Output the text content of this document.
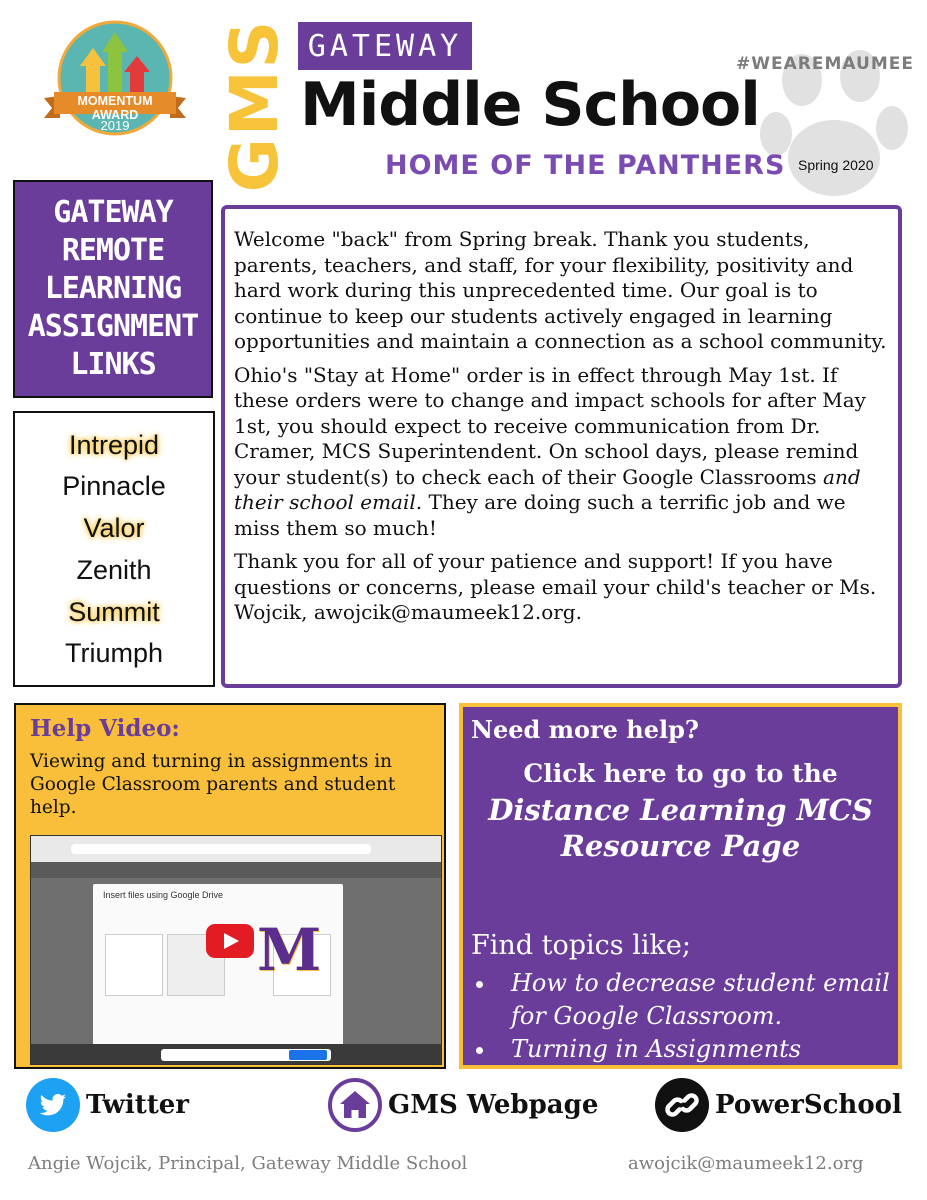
MOMENTUM AWARD
2019	GMS GATEWAY
#WEAREMAUMEE
Middle School
HOME OF THE PANTHERS Spring 2020
GATEWAY
REMOTE
LEARNING
ASSIGNMENT
LINKS
Intrepid
Pinnacle
Valor
Zenith
Summit
Triumph

Welcome "back" from Spring break. Thank you students, parents, teachers, and staff, for your flexibility, positivity and hard work during this unprecedented time. Our goal is to continue to keep our students actively engaged in learning opportunities and maintain a connection as a school community.

Ohio's "Stay at Home" order is in effect through May 1st. If these orders were to change and impact schools for after May 1st, you should expect to receive communication from Dr. Cramer, MCS Superintendent. On school days, please remind your student(s) to check each of their Google Classrooms and their school email. They are doing such a terrific job and we miss them so much!

Thank you for all of your patience and support! If you have questions or concerns, please email your child's teacher or Ms. Wojcik, awojcik@maumeek12.org.

Help Video:
Viewing and turning in assignments in Google Classroom parents and student help.
Insert files using Google Drive
M
Need more help?
Click here to go to the
Distance Learning MCS
Resource Page
Find topics like;
• How to decrease student email for Google Classroom.
• Turning in Assignments
Twitter	GMS Webpage	PowerSchool
Angie Wojcik, Principal, Gateway Middle School	awojcik@maumeek12.org
